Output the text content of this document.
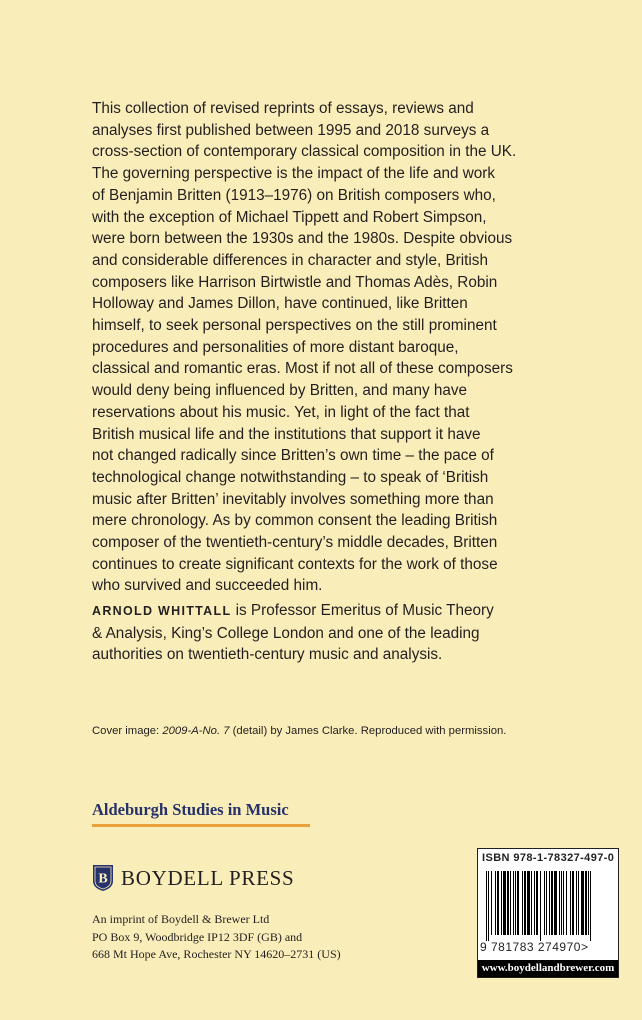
This collection of revised reprints of essays, reviews and
analyses first published between 1995 and 2018 surveys a
cross-section of contemporary classical composition in the UK.
The governing perspective is the impact of the life and work
of Benjamin Britten (1913–1976) on British composers who,
with the exception of Michael Tippett and Robert Simpson,
were born between the 1930s and the 1980s. Despite obvious
and considerable differences in character and style, British
composers like Harrison Birtwistle and Thomas Adès, Robin
Holloway and James Dillon, have continued, like Britten
himself, to seek personal perspectives on the still prominent
procedures and personalities of more distant baroque,
classical and romantic eras. Most if not all of these composers
would deny being influenced by Britten, and many have
reservations about his music. Yet, in light of the fact that
British musical life and the institutions that support it have
not changed radically since Britten’s own time – the pace of
technological change notwithstanding – to speak of ‘British
music after Britten’ inevitably involves something more than
mere chronology. As by common consent the leading British
composer of the twentieth-century’s middle decades, Britten
continues to create significant contexts for the work of those
who survived and succeeded him.
ARNOLD WHITTALL is Professor Emeritus of Music Theory
& Analysis, King’s College London and one of the leading
authorities on twentieth-century music and analysis.
Cover image: 2009-A-No. 7 (detail) by James Clarke. Reproduced with permission.
Aldeburgh Studies in Music
B BOYDELL PRESS
An imprint of Boydell & Brewer Ltd
PO Box 9, Woodbridge IP12 3DF (GB) and
668 Mt Hope Ave, Rochester NY 14620–2731 (US)
ISBN 978-1-78327-497-0
9 781783 274970>
www.boydellandbrewer.com
